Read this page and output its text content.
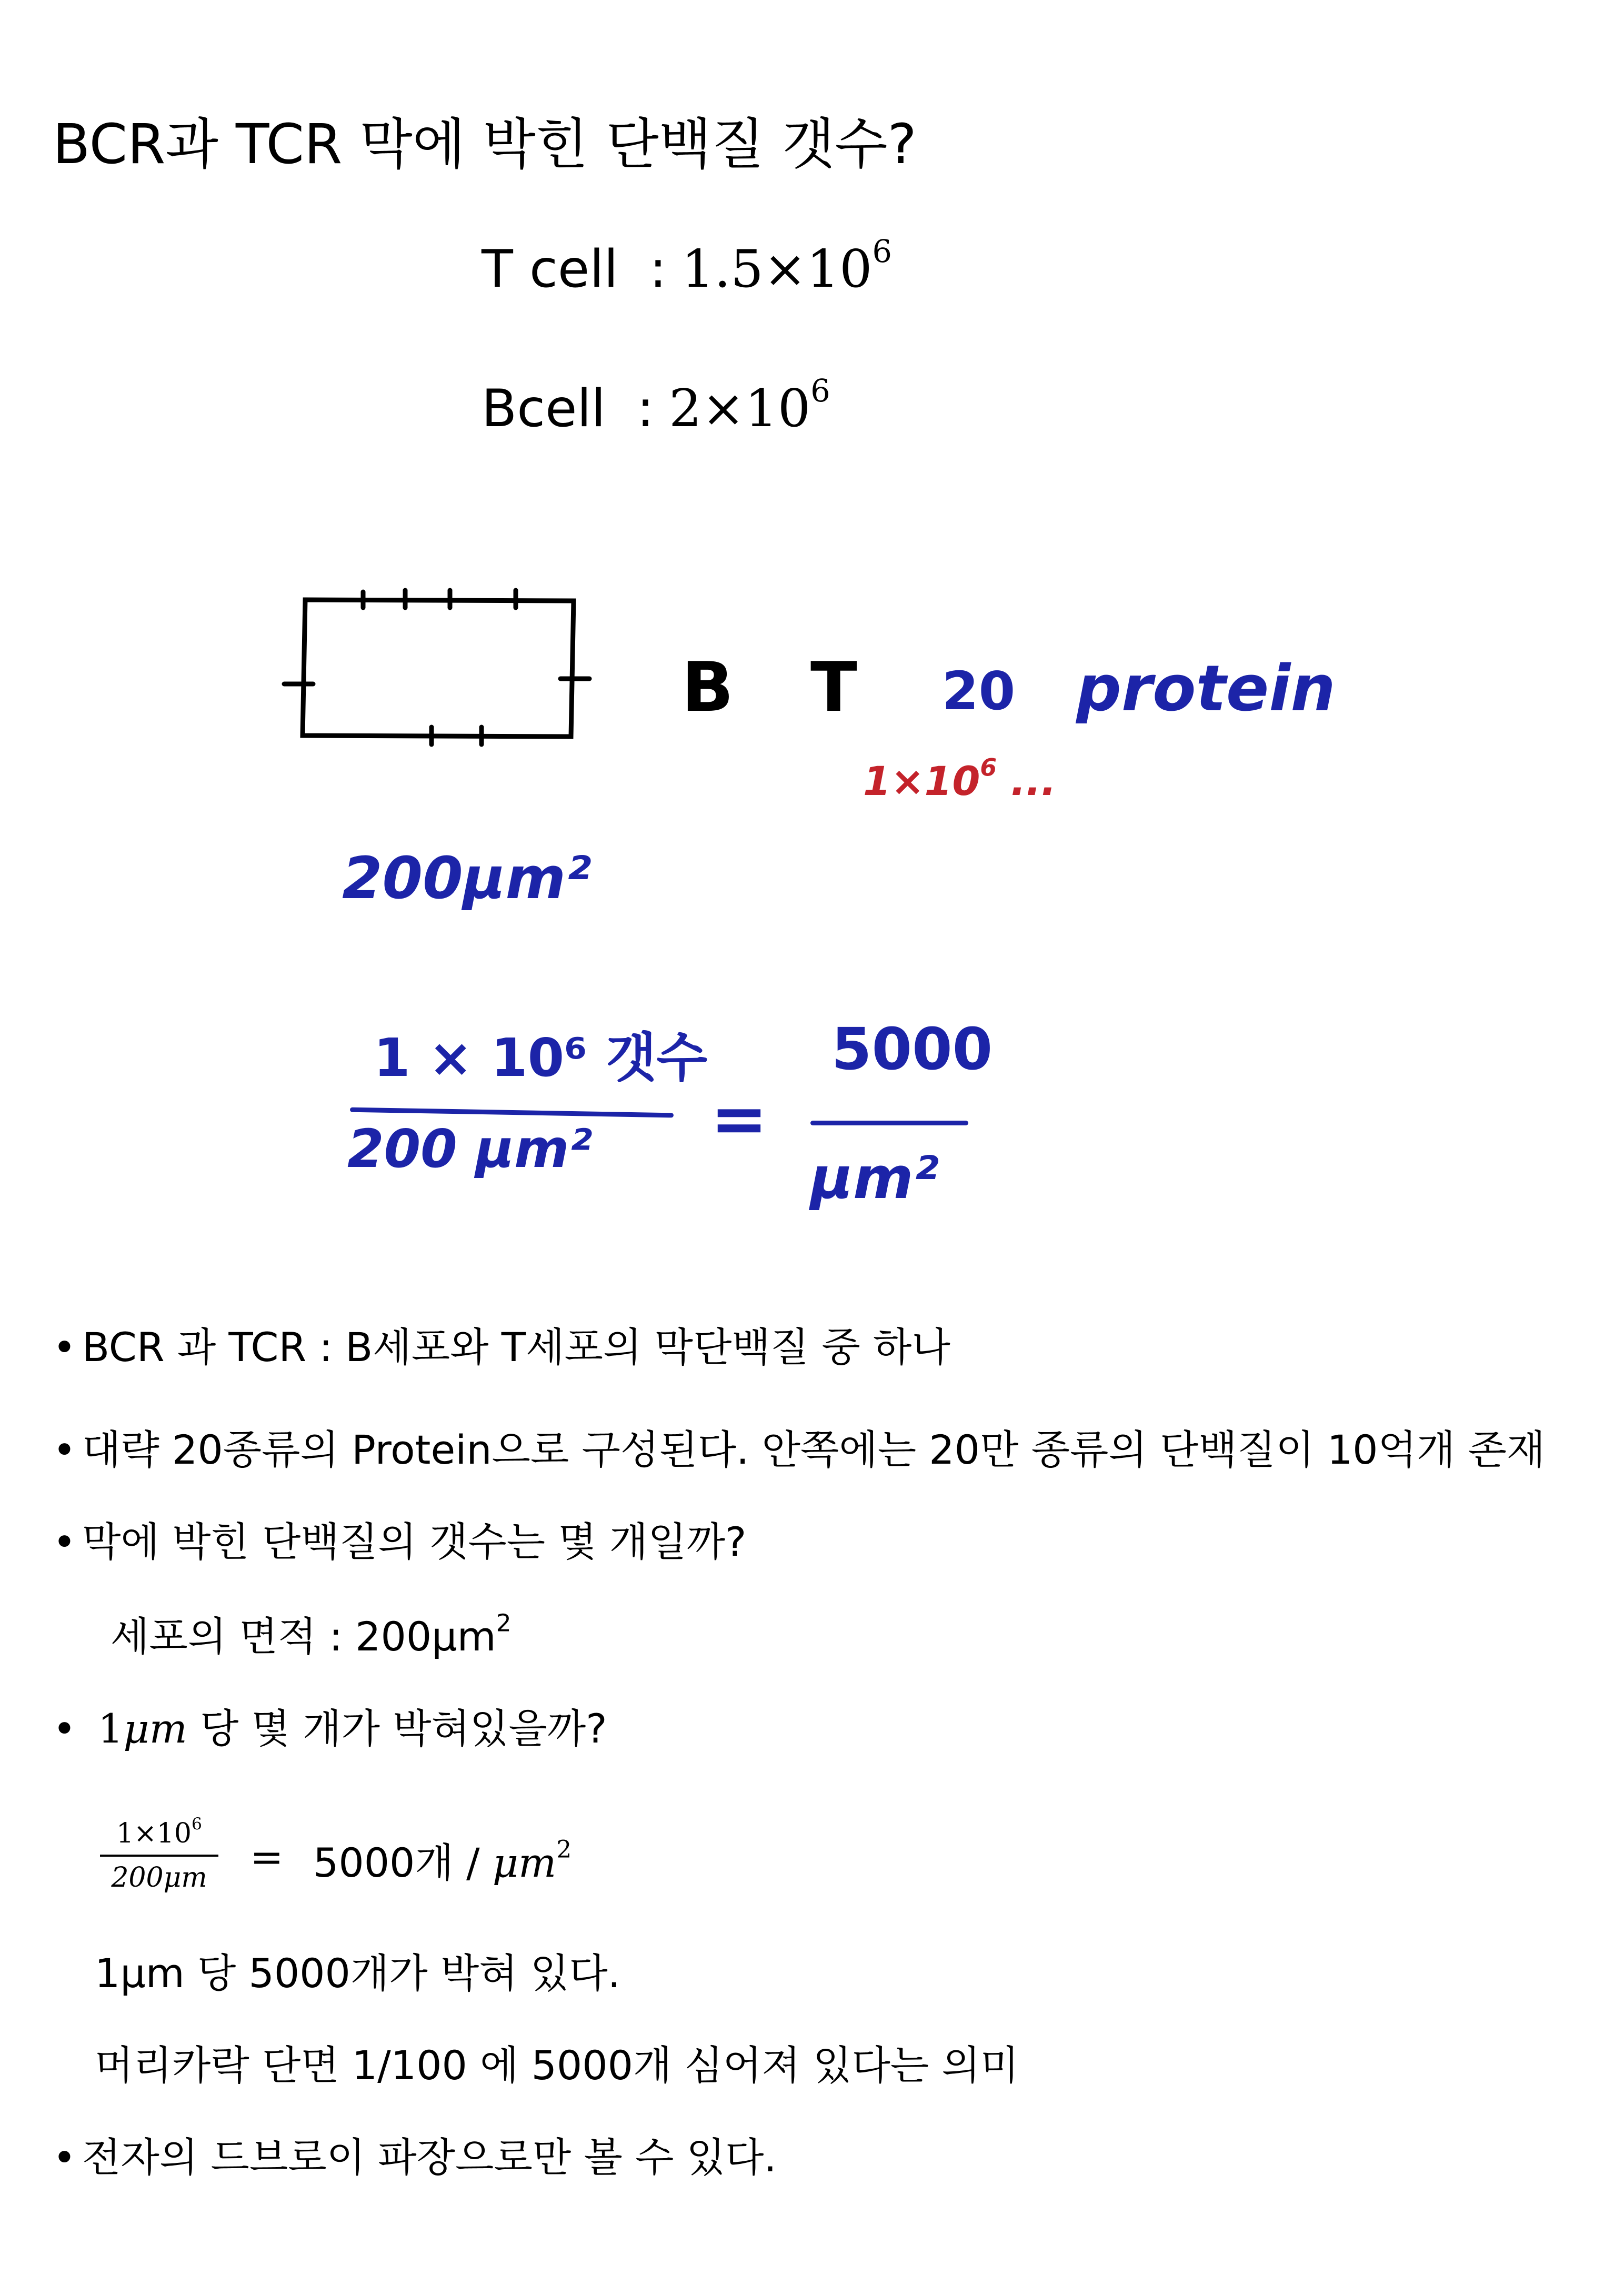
BCR과 TCR 막에 박힌 단백질 갯수?
T cell : $1.5\times 10^6$
Bcell : $2\times 10^6$
B T 20 protein
$1\times 10^6$ ...
200μm²
1 × 10⁶ 갯수
200 μm² =
5000
μm²
• BCR 과 TCR : B세포와 T세포의 막단백질 중 하나
• 대략 20종류의 Protein으로 구성된다. 안쪽에는 20만 종류의 단백질이 10억개 존재
• 막에 박힌 단백질의 갯수는 몇 개일까?
세포의 면적 : $200\mu m^2$
• 1μm 당 몇 개가 박혀있을까?
$1\times 10^6$
200μm = 5000개 / $\mu m^2$
1μm 당 5000개가 박혀 있다.
머리카락 단면 1/100 에 5000개 심어져 있다는 의미
• 전자의 드브로이 파장으로만 볼 수 있다.
